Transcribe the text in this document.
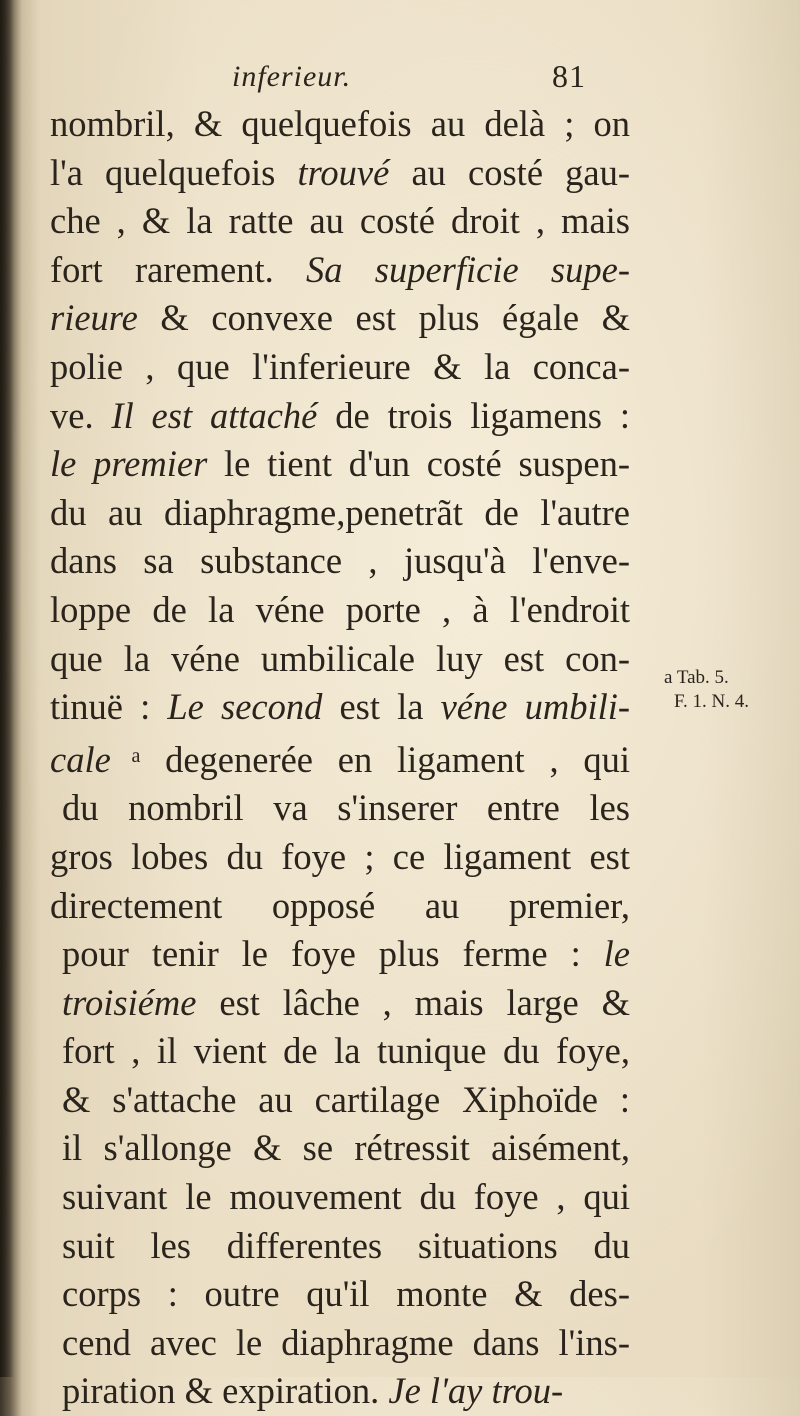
inferieur.	81
nombril, & quelquefois au delà ; on
l'a quelquefois trouvé au costé gau-
che , & la ratte au costé droit , mais
fort rarement. Sa superficie supe-
rieure & convexe est plus égale &
polie , que l'inferieure & la conca-
ve. Il est attaché de trois ligamens :
le premier le tient d'un costé suspen-
du au diaphragme,penetrãt de l'autre
dans sa substance , jusqu'à l'enve-
loppe de la véne porte , à l'endroit
que la véne umbilicale luy est con-
tinuë : Le second est la véne umbili-
cale $^a$ degenerée en ligament , qui
du nombril va s'inserer entre les
gros lobes du foye ; ce ligament est
directement opposé au premier,
pour tenir le foye plus ferme : le
troisiéme est lâche , mais large &
fort , il vient de la tunique du foye,
& s'attache au cartilage Xiphoïde :
il s'allonge & se rétressit aisément,
suivant le mouvement du foye , qui
suit les differentes situations du
corps : outre qu'il monte & des-
cend avec le diaphragme dans l'ins-
piration & expiration. Je l'ay trou-
a Tab. 5.
F. 1. N. 4.
